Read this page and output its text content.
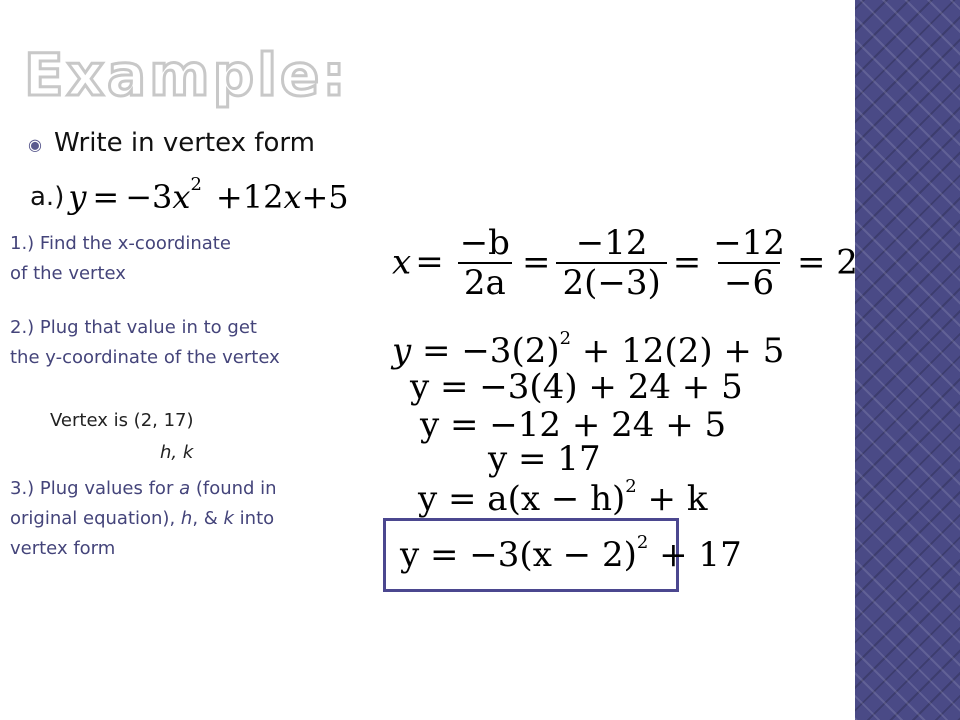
Example:
◉ Write in vertex form
a.) $y = -3x^2 +12x+5$
1.) Find the x-coordinate
of the vertex
2.) Plug that value in to get
the y-coordinate of the vertex
Vertex is (2, 17)
h, k
3.) Plug values for a (found in
original equation), h, & k into
vertex form
$x = \frac{-b}{2a} = \frac{-12}{2(-3)} = \frac{-12}{-6} = 2$
$y = -3(2)^2 + 12(2) + 5$
y = −3(4) + 24 + 5
y = −12 + 24 + 5
y = 17
$y = a(x - h)^2 + k$
$y = -3(x - 2)^2 + 17$
